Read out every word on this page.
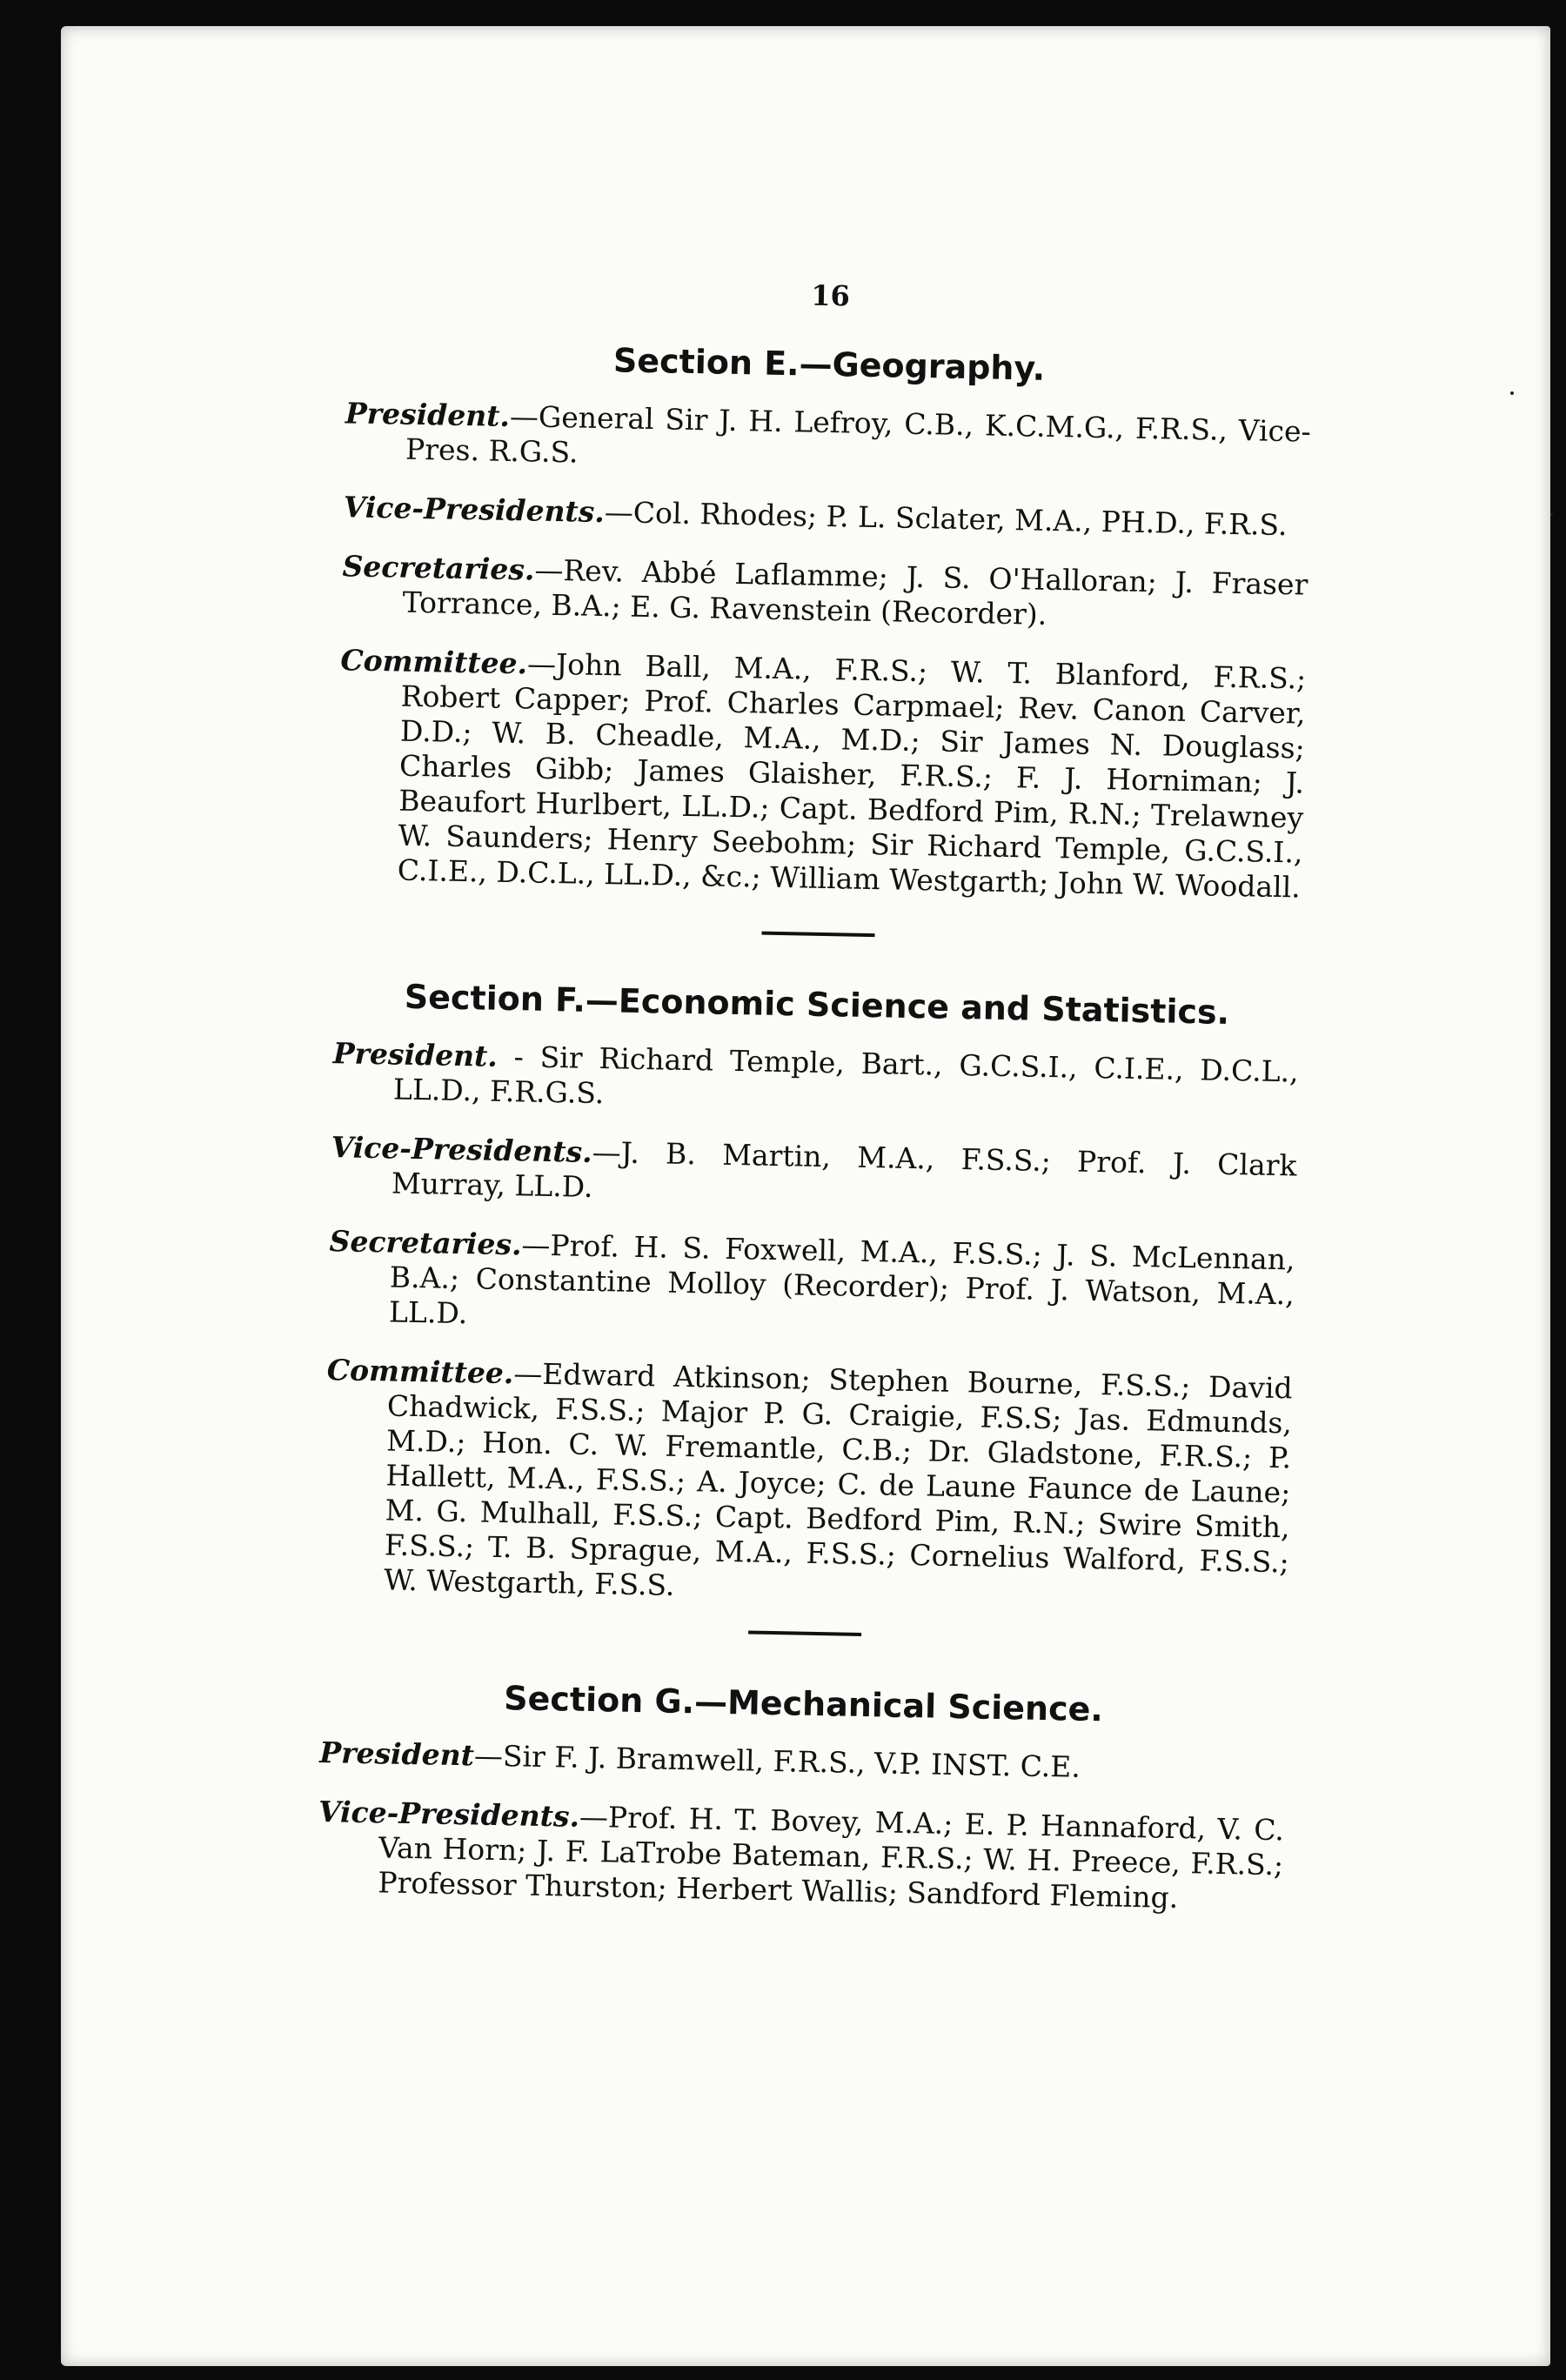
16
Section E.—Geography.

President.—General Sir J. H. Lefroy, C.B., K.C.M.G., F.R.S., Vice-Pres. R.G.S.

Vice-Presidents.—Col. Rhodes; P. L. Sclater, M.A., PH.D., F.R.S.

Secretaries.—Rev. Abbé Laflamme; J. S. O'Halloran; J. Fraser Torrance, B.A.; E. G. Ravenstein (Recorder).

Committee.—John Ball, M.A., F.R.S.; W. T. Blanford, F.R.S.; Robert Capper; Prof. Charles Carpmael; Rev. Canon Carver, D.D.; W. B. Cheadle, M.A., M.D.; Sir James N. Douglass; Charles Gibb; James Glaisher, F.R.S.; F. J. Horniman; J. Beaufort Hurlbert, LL.D.; Capt. Bedford Pim, R.N.; Trelawney W. Saunders; Henry Seebohm; Sir Richard Temple, G.C.S.I., C.I.E., D.C.L., LL.D., &c.; William Westgarth; John W. Woodall.

Section F.—Economic Science and Statistics.

President. - Sir Richard Temple, Bart., G.C.S.I., C.I.E., D.C.L., LL.D., F.R.G.S.

Vice-Presidents.—J. B. Martin, M.A., F.S.S.; Prof. J. Clark Murray, LL.D.

Secretaries.—Prof. H. S. Foxwell, M.A., F.S.S.; J. S. McLennan, B.A.; Constantine Molloy (Recorder); Prof. J. Watson, M.A., LL.D.

Committee.—Edward Atkinson; Stephen Bourne, F.S.S.; David Chadwick, F.S.S.; Major P. G. Craigie, F.S.S; Jas. Edmunds, M.D.; Hon. C. W. Fremantle, C.B.; Dr. Gladstone, F.R.S.; P. Hallett, M.A., F.S.S.; A. Joyce; C. de Laune Faunce de Laune; M. G. Mulhall, F.S.S.; Capt. Bedford Pim, R.N.; Swire Smith, F.S.S.; T. B. Sprague, M.A., F.S.S.; Cornelius Walford, F.S.S.; W. Westgarth, F.S.S.

Section G.—Mechanical Science.

President—Sir F. J. Bramwell, F.R.S., V.P. INST. C.E.

Vice-Presidents.—Prof. H. T. Bovey, M.A.; E. P. Hannaford, V. C. Van Horn; J. F. LaTrobe Bateman, F.R.S.; W. H. Preece, F.R.S.; Professor Thurston; Herbert Wallis; Sandford Fleming.
